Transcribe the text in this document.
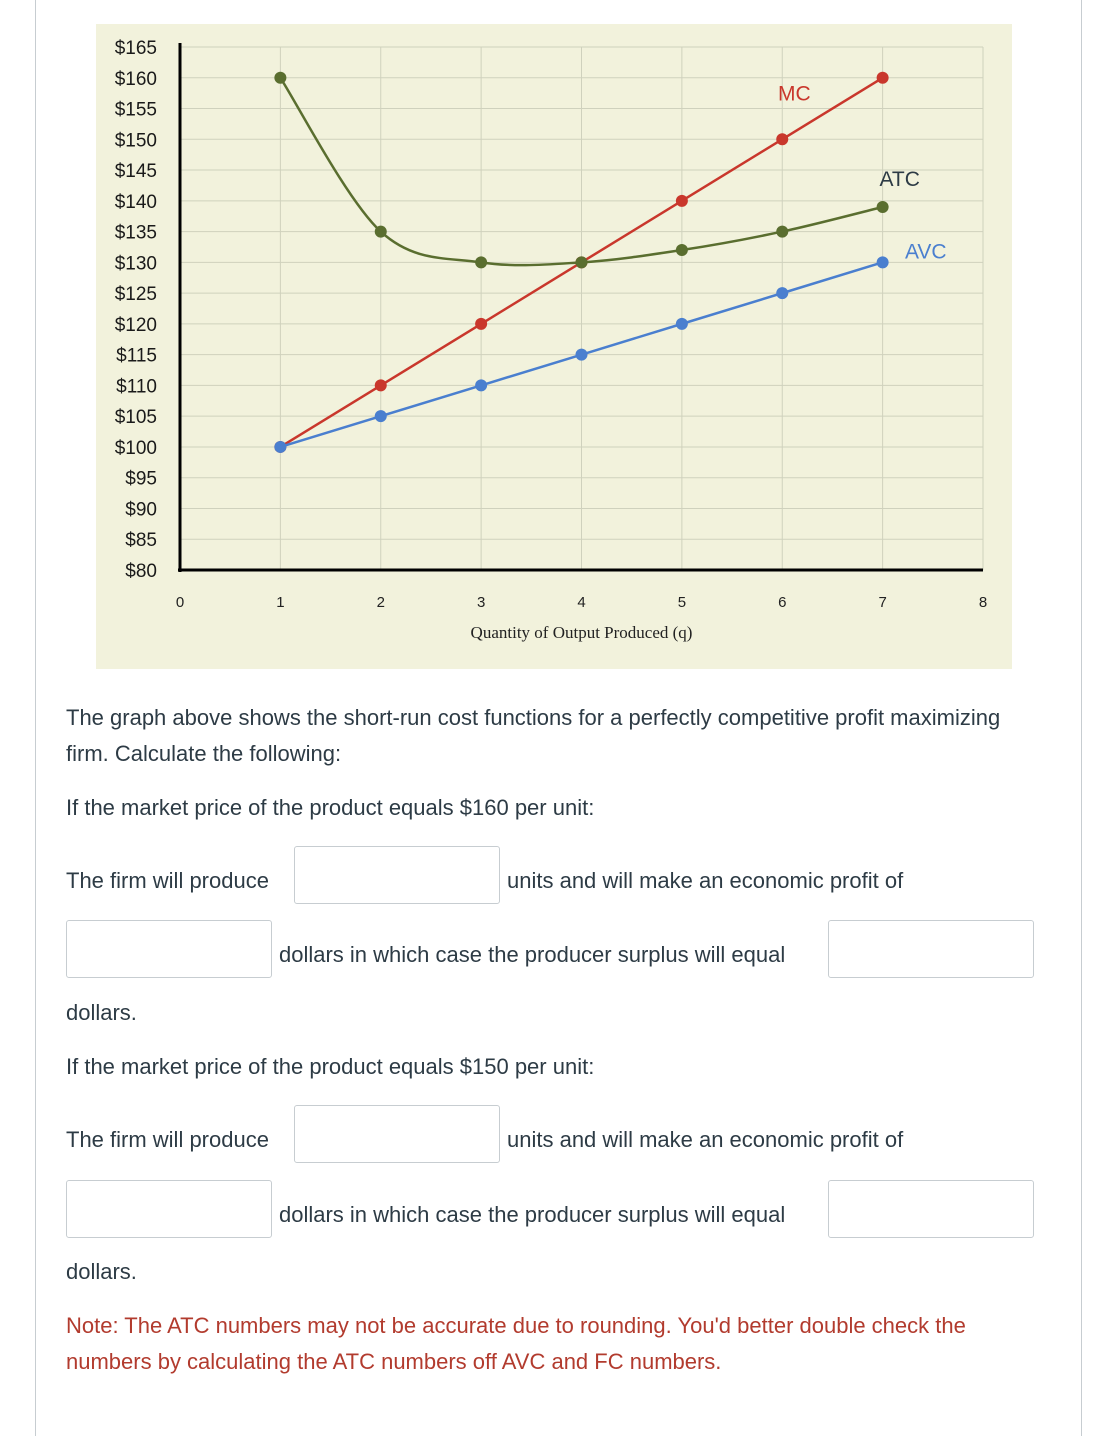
$165
$160
$155
$150
$145
$140
$135
$130
$125
$120
$115
$110
$105
$100
$95
$90
$85
$80
0	1	2	3	4	5	6	7	8
MC
ATC
AVC
Quantity of Output Produced (q)
The graph above shows the short-run cost functions for a perfectly competitive profit maximizing firm. Calculate the following:
If the market price of the product equals $160 per unit:
The firm will produce	units and will make an economic profit of
dollars in which case the producer surplus will equal
dollars.
If the market price of the product equals $150 per unit:
The firm will produce	units and will make an economic profit of
dollars in which case the producer surplus will equal
dollars.
Note: The ATC numbers may not be accurate due to rounding. You'd better double check the numbers by calculating the ATC numbers off AVC and FC numbers.
